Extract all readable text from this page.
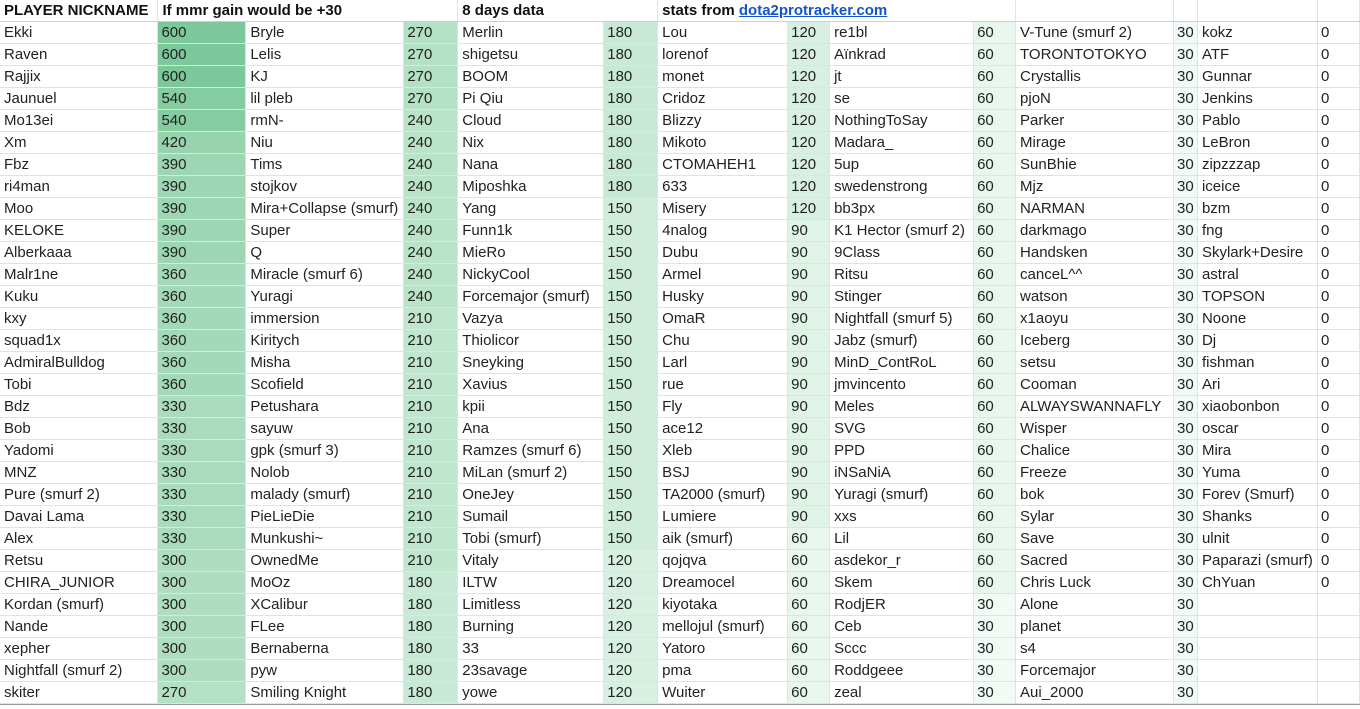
PLAYER NICKNAME	If mmr gain would be +30			8 days data		stats from dota2protracker.com							
Ekki	600	Bryle	270	Merlin	180	Lou	120	re1bl	60	V-Tune (smurf 2)	30	kokz	0
Raven	600	Lelis	270	shigetsu	180	lorenof	120	Aïnkrad	60	TORONTOTOKYO	30	ATF	0
Rajjix	600	KJ	270	BOOM	180	monet	120	jt	60	Crystallis	30	Gunnar	0
Jaunuel	540	lil pleb	270	Pi Qiu	180	Cridoz	120	se	60	pjoN	30	Jenkins	0
Mo13ei	540	rmN-	240	Cloud	180	Blizzy	120	NothingToSay	60	Parker	30	Pablo	0
Xm	420	Niu	240	Nix	180	Mikoto	120	Madara_	60	Mirage	30	LeBron	0
Fbz	390	Tims	240	Nana	180	CTOMAHEH1	120	5up	60	SunBhie	30	zipzzzap	0
ri4man	390	stojkov	240	Miposhka	180	633	120	swedenstrong	60	Mjz	30	iceice	0
Moo	390	Mira+Collapse (smurf)	240	Yang	150	Misery	120	bb3px	60	NARMAN	30	bzm	0
KELOKE	390	Super	240	Funn1k	150	4nalog	90	K1 Hector (smurf 2)	60	darkmago	30	fng	0
Alberkaaa	390	Q	240	MieRo	150	Dubu	90	9Class	60	Handsken	30	Skylark+Desire	0
Malr1ne	360	Miracle (smurf 6)	240	NickyCool	150	Armel	90	Ritsu	60	canceL^^	30	astral	0
Kuku	360	Yuragi	240	Forcemajor (smurf)	150	Husky	90	Stinger	60	watson	30	TOPSON	0
kxy	360	immersion	210	Vazya	150	OmaR	90	Nightfall (smurf 5)	60	x1aoyu	30	Noone	0
squad1x	360	Kiritych	210	Thiolicor	150	Chu	90	Jabz (smurf)	60	Iceberg	30	Dj	0
AdmiralBulldog	360	Misha	210	Sneyking	150	Larl	90	MinD_ContRoL	60	setsu	30	fishman	0
Tobi	360	Scofield	210	Xavius	150	rue	90	jmvincento	60	Cooman	30	Ari	0
Bdz	330	Petushara	210	kpii	150	Fly	90	Meles	60	ALWAYSWANNAFLY	30	xiaobonbon	0
Bob	330	sayuw	210	Ana	150	ace12	90	SVG	60	Wisper	30	oscar	0
Yadomi	330	gpk (smurf 3)	210	Ramzes (smurf 6)	150	Xleb	90	PPD	60	Chalice	30	Mira	0
MNZ	330	Nolob	210	MiLan (smurf 2)	150	BSJ	90	iNSaNiA	60	Freeze	30	Yuma	0
Pure (smurf 2)	330	malady (smurf)	210	OneJey	150	TA2000 (smurf)	90	Yuragi (smurf)	60	bok	30	Forev (Smurf)	0
Davai Lama	330	PieLieDie	210	Sumail	150	Lumiere	90	xxs	60	Sylar	30	Shanks	0
Alex	330	Munkushi~	210	Tobi (smurf)	150	aik (smurf)	60	Lil	60	Save	30	ulnit	0
Retsu	300	OwnedMe	210	Vitaly	120	qojqva	60	asdekor_r	60	Sacred	30	Paparazi (smurf)	0
CHIRA_JUNIOR	300	MoOz	180	ILTW	120	Dreamocel	60	Skem	60	Chris Luck	30	ChYuan	0
Kordan (smurf)	300	XCalibur	180	Limitless	120	kiyotaka	60	RodjER	30	Alone	30		
Nande	300	FLee	180	Burning	120	mellojul (smurf)	60	Ceb	30	planet	30		
xepher	300	Bernaberna	180	33	120	Yatoro	60	Sccc	30	s4	30		
Nightfall (smurf 2)	300	pyw	180	23savage	120	pma	60	Roddgeee	30	Forcemajor	30		
skiter	270	Smiling Knight	180	yowe	120	Wuiter	60	zeal	30	Aui_2000	30		
